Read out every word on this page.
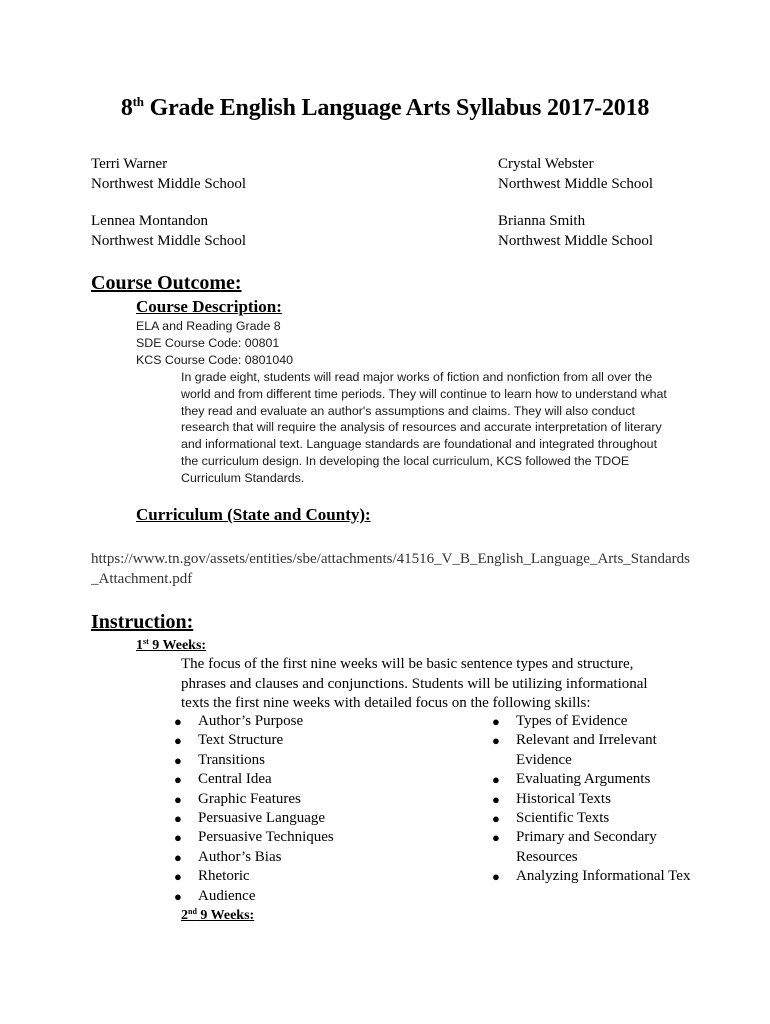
8th Grade English Language Arts Syllabus 2017-2018
Terri Warner
Northwest Middle School
Crystal Webster
Northwest Middle School
Lennea Montandon
Northwest Middle School
Brianna Smith
Northwest Middle School
Course Outcome:
Course Description:
ELA and Reading Grade 8
SDE Course Code: 00801
KCS Course Code: 0801040
In grade eight, students will read major works of fiction and nonfiction from all over the world and from different time periods. They will continue to learn how to understand what they read and evaluate an author's assumptions and claims. They will also conduct research that will require the analysis of resources and accurate interpretation of literary and informational text. Language standards are foundational and integrated throughout the curriculum design. In developing the local curriculum, KCS followed the TDOE Curriculum Standards.
Curriculum (State and County):
https://www.tn.gov/assets/entities/sbe/attachments/41516_V_B_English_Language_Arts_Standards_Attachment.pdf
Instruction:
1st 9 Weeks:
The focus of the first nine weeks will be basic sentence types and structure, phrases and clauses and conjunctions. Students will be utilizing informational texts the first nine weeks with detailed focus on the following skills:
● Author’s Purpose
● Text Structure
● Transitions
● Central Idea
● Graphic Features
● Persuasive Language
● Persuasive Techniques
● Author’s Bias
● Rhetoric
● Audience
● Types of Evidence
● Relevant and Irrelevant Evidence
● Evaluating Arguments
● Historical Texts
● Scientific Texts
● Primary and Secondary Resources
● Analyzing Informational Tex
2nd 9 Weeks:
